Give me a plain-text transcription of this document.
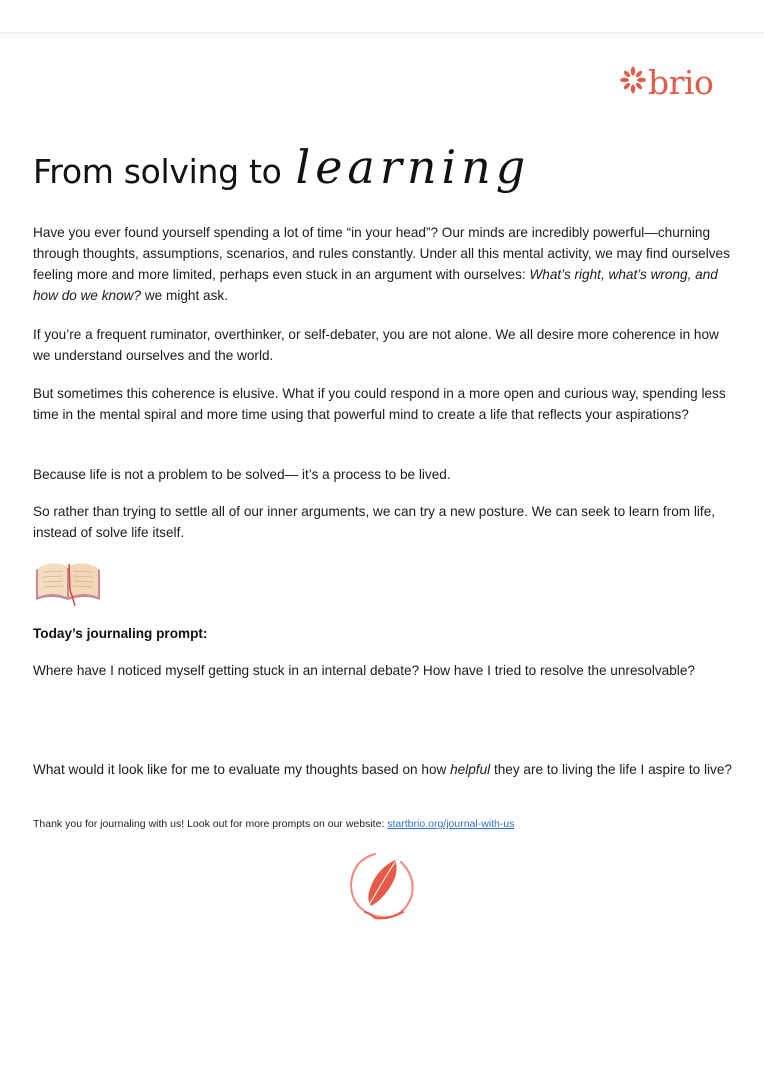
brio
From solving to learning

Have you ever found yourself spending a lot of time “in your head”? Our minds are incredibly powerful—churning through thoughts, assumptions, scenarios, and rules constantly. Under all this mental activity, we may find ourselves feeling more and more limited, perhaps even stuck in an argument with ourselves: What’s right, what’s wrong, and how do we know? we might ask.

If you’re a frequent ruminator, overthinker, or self-debater, you are not alone. We all desire more coherence in how we understand ourselves and the world.

But sometimes this coherence is elusive. What if you could respond in a more open and curious way, spending less time in the mental spiral and more time using that powerful mind to create a life that reflects your aspirations?

Because life is not a problem to be solved— it’s a process to be lived.

So rather than trying to settle all of our inner arguments, we can try a new posture. We can seek to learn from life, instead of solve life itself.

Today’s journaling prompt:

Where have I noticed myself getting stuck in an internal debate? How have I tried to resolve the unresolvable?

What would it look like for me to evaluate my thoughts based on how helpful they are to living the life I aspire to live?

Thank you for journaling with us! Look out for more prompts on our website: startbrio.org/journal-with-us
